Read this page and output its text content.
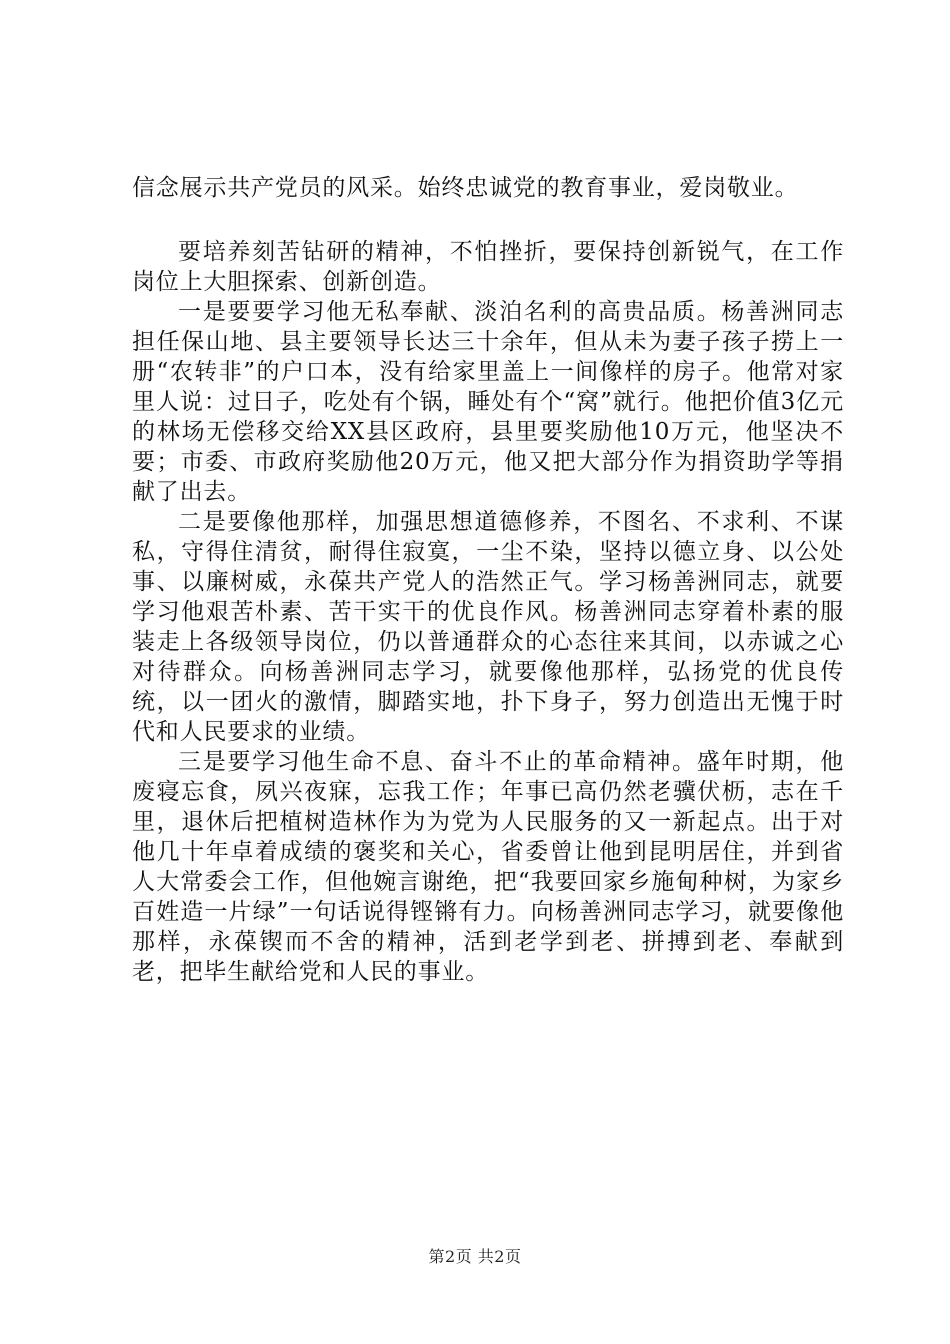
信念展示共产党员的风采。始终忠诚党的教育事业，爱岗敬业。

要培养刻苦钻研的精神，不怕挫折，要保持创新锐气，在工作岗位上大胆探索、创新创造。

一是要要学习他无私奉献、淡泊名利的高贵品质。杨善洲同志担任保山地、县主要领导长达三十余年，但从未为妻子孩子捞上一册“农转非”的户口本，没有给家里盖上一间像样的房子。他常对家里人说：过日子，吃处有个锅，睡处有个“窝”就行。他把价值3亿元的林场无偿移交给XX县区政府，县里要奖励他10万元，他坚决不要；市委、市政府奖励他20万元，他又把大部分作为捐资助学等捐献了出去。

二是要像他那样，加强思想道德修养，不图名、不求利、不谋私，守得住清贫，耐得住寂寞，一尘不染，坚持以德立身、以公处事、以廉树威，永葆共产党人的浩然正气。学习杨善洲同志，就要学习他艰苦朴素、苦干实干的优良作风。杨善洲同志穿着朴素的服装走上各级领导岗位，仍以普通群众的心态往来其间，以赤诚之心对待群众。向杨善洲同志学习，就要像他那样，弘扬党的优良传统，以一团火的激情，脚踏实地，扑下身子，努力创造出无愧于时代和人民要求的业绩。

三是要学习他生命不息、奋斗不止的革命精神。盛年时期，他废寝忘食，夙兴夜寐，忘我工作；年事已高仍然老骥伏枥，志在千里，退休后把植树造林作为为党为人民服务的又一新起点。出于对他几十年卓着成绩的褒奖和关心，省委曾让他到昆明居住，并到省人大常委会工作，但他婉言谢绝，把“我要回家乡施甸种树，为家乡百姓造一片绿”一句话说得铿锵有力。向杨善洲同志学习，就要像他那样，永葆锲而不舍的精神，活到老学到老、拼搏到老、奉献到老，把毕生献给党和人民的事业。

第2页 共2页
